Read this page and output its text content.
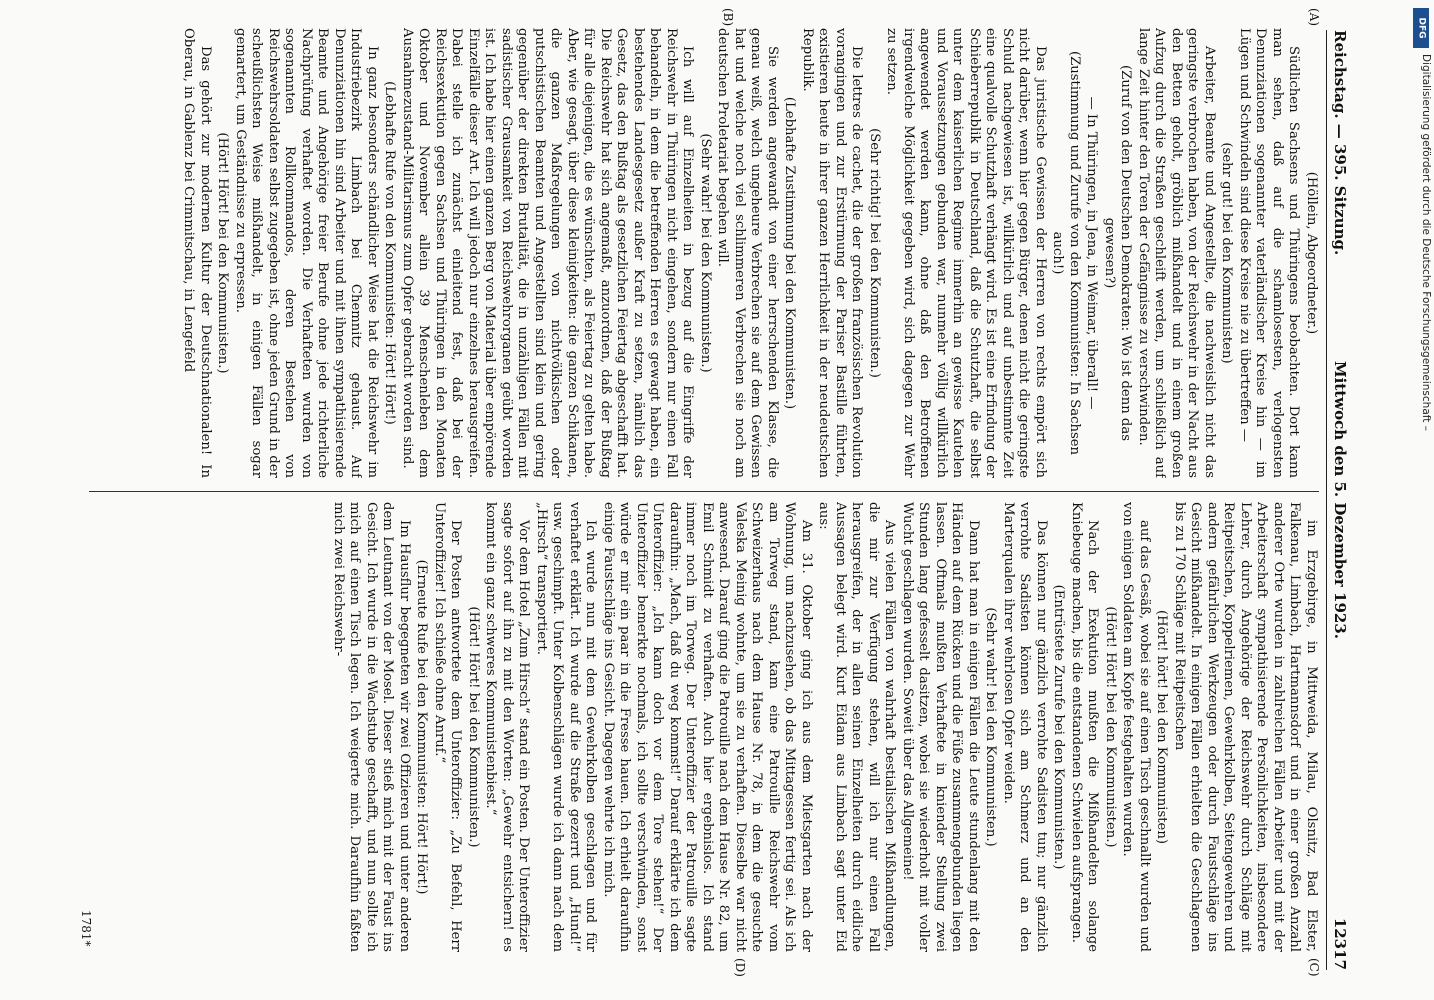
Reichstag. — 395. Sitzung.
Mittwoch den 5. Dezember 1923.
12317

(Höllein, Abgeordneter.)

Südlichen Sachsens und Thüringens beobachten. Dort kann man sehen, daß auf die schamlosesten, verlogensten Denunziationen sogenannter vaterländischer Kreise hin — im Lügen und Schwindeln sind diese Kreise nie zu übertreffen —

(sehr gut! bei den Kommunisten)

Arbeiter, Beamte und Angestellte, die nachweislich nicht das geringste verbrochen haben, von der Reichswehr in der Nacht aus den Betten geholt, gröblich mißhandelt und in einem großen Aufzug durch die Straßen geschleift werden, um schließlich auf lange Zeit hinter den Toren der Gefängnisse zu verschwinden.

(Zuruf von den Deutschen Demokraten: Wo ist denn das gewesen?)

— In Thüringen, in Jena, in Weimar, überall! —

(Zustimmung und Zurufe von den Kommunisten: In Sachsen auch!)

Das juristische Gewissen der Herren von rechts empört sich nicht darüber, wenn hier gegen Bürger, denen nicht die geringste Schuld nachgewiesen ist, willkürlich und auf unbestimmte Zeit eine qualvolle Schutzhaft verhängt wird. Es ist eine Erfindung der Schieberrepublik in Deutschland, daß die Schutzhaft, die selbst unter dem kaiserlichen Regime immerhin an gewisse Kautelen und Voraussetzungen gebunden war, nunmehr völlig willkürlich angewendet werden kann, ohne daß den Betroffenen irgendwelche Möglichkeit gegeben wird, sich dagegen zur Wehr zu setzen.

(Sehr richtig! bei den Kommunisten.)

Die lettres de cachet, die der großen französischen Revolution vorangingen und zur Erstürmung der Pariser Bastille führten, existieren heute in ihrer ganzen Herrlichkeit in der neudeutschen Republik.

(Lebhafte Zustimmung bei den Kommunisten.)

Sie werden angewandt von einer herrschenden Klasse, die genau weiß, welch ungeheure Verbrechen sie auf dem Gewissen hat und welche noch viel schlimmeren Verbrechen sie noch am deutschen Proletariat begehen will.

(Sehr wahr! bei den Kommunisten.)

Ich will auf Einzelheiten in bezug auf die Eingriffe der Reichswehr in Thüringen nicht eingehen, sondern nur einen Fall behandeln, in dem die betreffenden Herren es gewagt haben, ein bestehendes Landesgesetz außer Kraft zu setzen, nämlich das Gesetz, das den Bußtag als gesetzlichen Feiertag abgeschafft hat. Die Reichswehr hat sich angemaßt, anzuordnen, daß der Bußtag für alle diejenigen, die es wünschten, als Feiertag zu gelten habe. Aber, wie gesagt, über diese kleinigkeiten: die ganzen Schikanen, die ganzen Maßregelungen von nichtvölkischen oder putschistischen Beamten und Angestellten sind klein und gering gegenüber der direkten Brutalität, die in unzähligen Fällen mit sadistischer Grausamkeit von Reichswehrorganen geübt worden ist. Ich habe hier einen ganzen Berg von Material über empörende Einzelfälle dieser Art. Ich will jedoch nur einzelnes herausgreifen. Dabei stelle ich zunächst einleitend fest, daß bei der Reichsexekution gegen Sachsen und Thüringen in den Monaten Oktober und November allein 39 Menschenleben dem Ausnahmezustand-Militarismus zum Opfer gebracht worden sind.

(Lebhafte Rufe von den Kommunisten: Hört! Hört!)

In ganz besonders schändlicher Weise hat die Reichswehr im Industriebezirk Limbach bei Chemnitz gehaust. Auf Denunziationen hin sind Arbeiter und mit ihnen sympathisierende Beamte und Angehörige freier Berufe ohne jede richterliche Nachprüfung verhaftet worden. Die Verhafteten wurden von sogenannten Rollkommandos, deren Bestehen von Reichswehrsoldaten selbst zugegeben ist, ohne jeden Grund in der scheußlichsten Weise mißhandelt, in einigen Fällen sogar gemartert, um Geständnisse zu erpressen.

(Hört! Hört! bei den Kommunisten.)

Das gehört zur modernen Kultur der Deutschnationalen! In Oberau, in Gablenz bei Crimmitschau, in Lengefeld

im Erzgebirge, in Mittweida, Milau, Olsnitz, Bad Elster, Falkenau, Limbach, Hartmannsdorf und in einer großen Anzahl anderer Orte wurden in zahlreichen Fällen Arbeiter und mit der Arbeiterschaft sympathisierende Persönlichkeiten, insbesondere Lehrer, durch Angehörige der Reichswehr durch Schläge mit Reitpeitschen, Koppelriemen, Gewehrkolben, Seitengewehren und andern gefährlichen Werkzeugen oder durch Faustschläge ins Gesicht mißhandelt. In einigen Fällen erhielten die Geschlagenen bis zu 170 Schläge mit Reitpeitschen

(Hört! hört! bei den Kommunisten)

auf das Gesäß, wobei sie auf einen Tisch geschnallt wurden und von einigen Soldaten am Kopfe festgehalten wurden.

(Hört! Hört! bei den Kommunisten.)

Nach der Exekution mußten die Mißhandelten solange Kniebeuge machen, bis die entstandenen Schwielen aufsprangen.

(Entrüstete Zurufe bei den Kommunisten.)

Das können nur gänzlich verrohte Sadisten tun; nur gänzlich verrohte Sadisten können sich am Schmerz und an den Marterqualen ihrer wehrlosen Opfer weiden.

(Sehr wahr! bei den Kommunisten.)

Dann hat man in einigen Fällen die Leute stundenlang mit den Händen auf dem Rücken und die Füße zusammengebunden liegen lassen. Oftmals mußten Verhaftete in kniender Stellung zwei Stunden lang gefesselt dasitzen, wobei sie wiederholt mit voller Wucht geschlagen wurden. Soweit über das Allgemeine!

Aus vielen Fällen von wahrhaft bestialischen Mißhandlungen, die mir zur Verfügung stehen, will ich nur einen Fall herausgreifen, der in allen seinen Einzelheiten durch eidliche Aussagen belegt wird. Kurt Eidam aus Limbach sagt unter Eid aus:

Am 31. Oktober ging ich aus dem Mietsgarten nach der Wohnung, um nachzusehen, ob das Mittagessen fertig sei. Als ich am Torweg stand, kam eine Patrouille Reichswehr vom Schweizerhaus nach dem Hause Nr. 78, in dem die gesuchte Valeska Meinig wohnte, um sie zu verhaften. Dieselbe war nicht anwesend. Darauf ging die Patrouille nach dem Hause Nr. 82, um Emil Schmidt zu verhaften. Auch hier ergebnislos. Ich stand immer noch im Torweg. Der Unteroffizier der Patrouille sagte daraufhin: „Mach, daß du weg kommst!“ Darauf erklärte ich dem Unteroffizier: „Ich kann doch vor dem Tore stehen!“ Der Unteroffizier bemerkte nochmals, ich sollte verschwinden, sonst würde er mir ein paar in die Fresse hauen. Ich erhielt daraufhin einige Faustschläge ins Gesicht. Dagegen wehrte ich mich.

Ich wurde nun mit dem Gewehrkolben geschlagen und für verhaftet erklärt. Ich wurde auf die Straße gezerrt und „Hund!“ usw. geschimpft. Unter Kolbenschlägen wurde ich dann nach dem „Hirsch“ transportiert.

Vor dem Hotel „Zum Hirsch“ stand ein Posten. Der Unteroffizier sagte sofort auf ihn zu mit den Worten: „Gewehr entsichern! es kommt ein ganz schweres Kommunistenbiest.“

(Hört! Hört! bei den Kommunisten.)

Der Posten antwortete dem Unteroffizier: „Zu Befehl, Herr Unteroffizier! Ich schieße ohne Anruf.“

(Erneute Rufe bei den Kommunisten: Hört! Hört!)

Im Hausflur begegneten wir zwei Offizieren und unter anderen dem Leutnant von der Mosel. Dieser stieß mich mit der Faust ins Gesicht. Ich wurde in die Wachstube geschafft, und nun sollte ich mich auf einen Tisch legen. Ich weigerte mich. Daraufhin faßten mich zwei Reichswehr-

(A)
(B)
(C)
(D)
1781*
DFG
Digitalisierung gefördert durch die Deutsche Forschungsgemeinschaft –
